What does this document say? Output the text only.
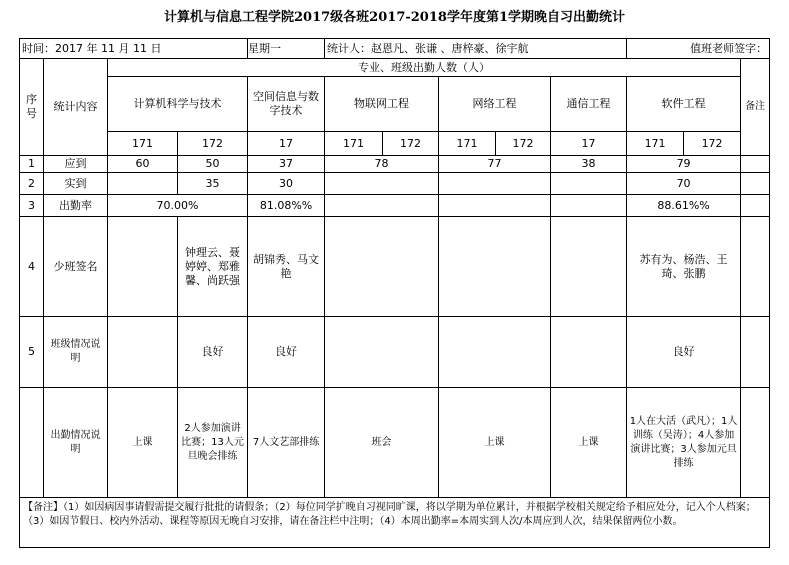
计算机与信息工程学院2017级各班2017-2018学年度第1学期晚自习出勤统计
时间：2017 年 11 月 11 日				星期一	统计人：赵恩凡、张谦 、唐梓豪、徐宇航					值班老师签字：		
序号	统计内容	专业、班级出勤人数（人）										备注
		计算机科学与技术		空间信息与数字技术	物联网工程		网络工程		通信工程	软件工程		
		171	172	17	171	172	171	172	17	171	172	
1	应到	60	50	37	78		77		38	79		
2	实到		35	30						70		
3	出勤率	70.00%		81.08%%						88.61%%		
4	少班签名		钟理云、聂婷婷、郑雅馨、尚跃强	胡锦秀、马文艳						苏有为、杨浩、王琦、张鹏		
5	班级情况说明		良好	良好						良好		
	出勤情况说明	上课	2人参加演讲比赛；13人元旦晚会排练	7人文艺部排练	班会		上课		上课	1人在大活（武凡）；1人训练（吴涛）；4人参加演讲比赛；3人参加元旦排练		
【备注】（1）如因病因事请假需提交履行批批的请假条；（2）每位同学扩晚自习视同旷课，将以学期为单位累计，并根据学校相关规定给予相应处分，记入个人档案；（3）如因节假日、校内外活动、课程等原因无晚自习安排，请在备注栏中注明；（4）本周出勤率=本周实到人次/本周应到人次，结果保留两位小数。												
